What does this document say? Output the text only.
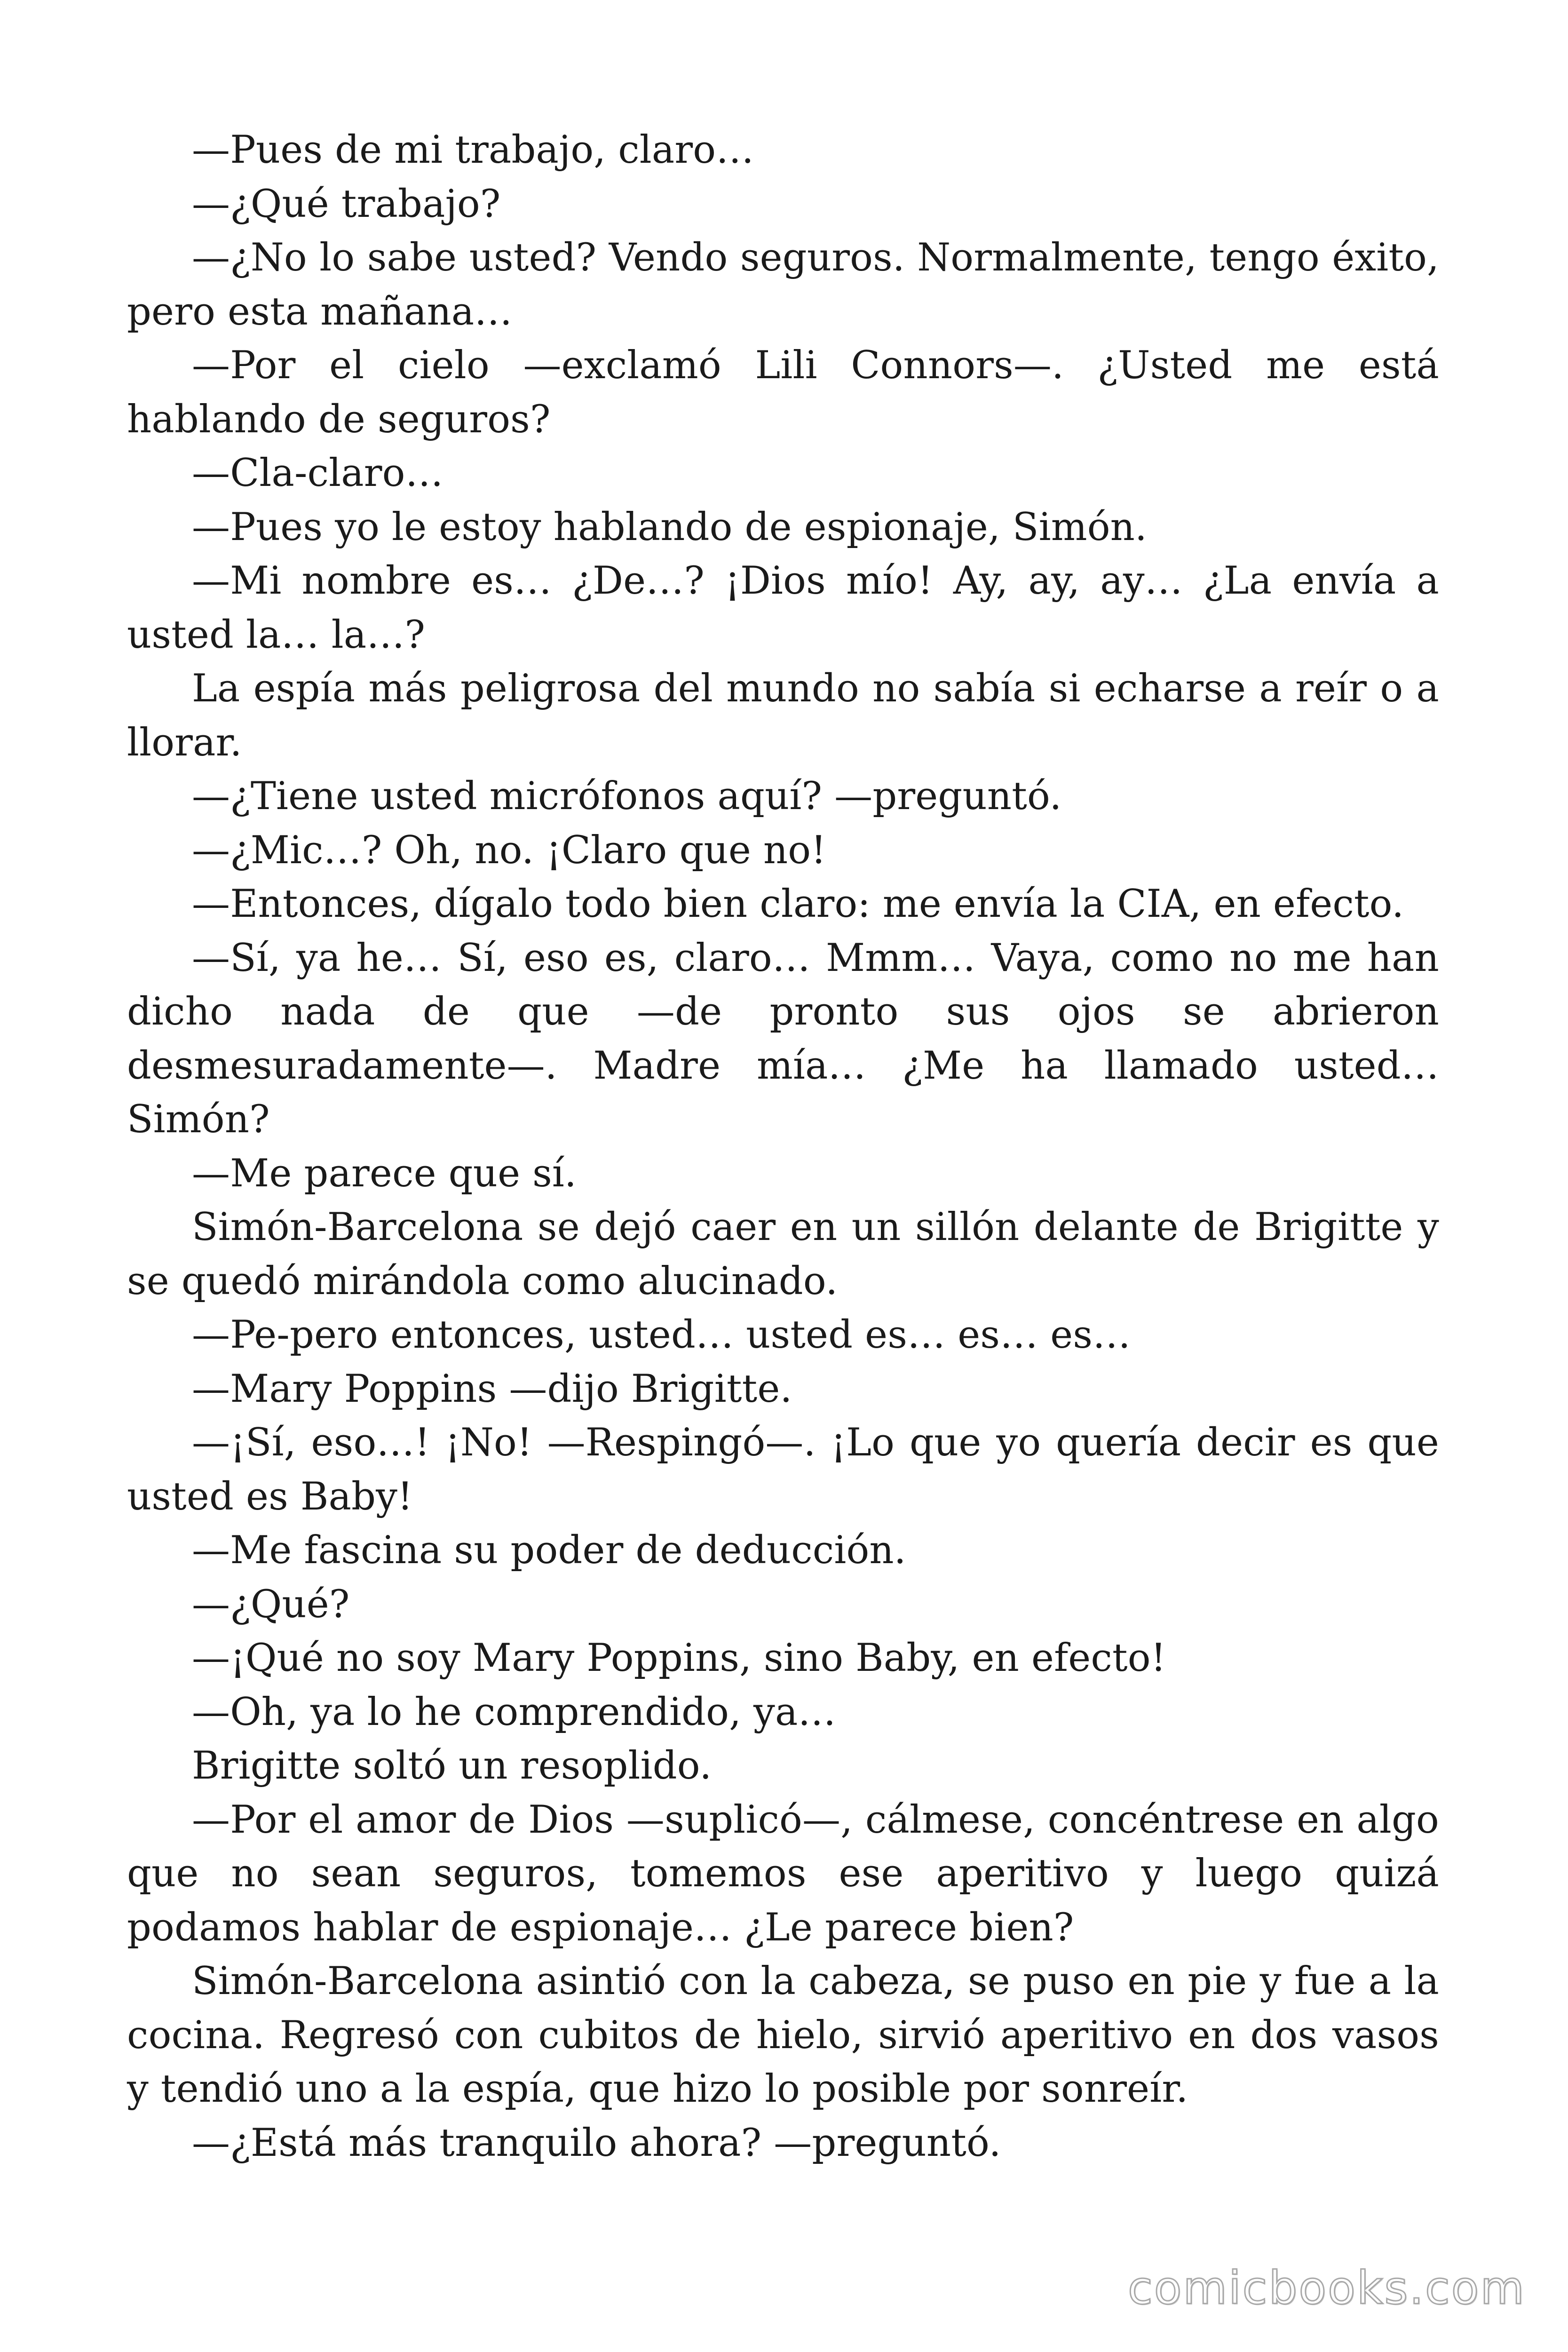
—Pues de mi trabajo, claro…

—¿Qué trabajo?

—¿No lo sabe usted? Vendo seguros. Normalmente, tengo éxito, pero esta mañana…

—Por el cielo —exclamó Lili Connors—. ¿Usted me está hablando de seguros?

—Cla-claro…

—Pues yo le estoy hablando de espionaje, Simón.

—Mi nombre es… ¿De…? ¡Dios mío! Ay, ay, ay… ¿La envía a usted la… la…?

La espía más peligrosa del mundo no sabía si echarse a reír o a llorar.

—¿Tiene usted micrófonos aquí? —preguntó.

—¿Mic…? Oh, no. ¡Claro que no!

—Entonces, dígalo todo bien claro: me envía la CIA, en efecto.

—Sí, ya he… Sí, eso es, claro… Mmm… Vaya, como no me han dicho nada de que —de pronto sus ojos se abrieron desmesuradamente—. Madre mía… ¿Me ha llamado usted… Simón?

—Me parece que sí.

Simón-Barcelona se dejó caer en un sillón delante de Brigitte y se quedó mirándola como alucinado.

—Pe-pero entonces, usted… usted es… es… es…

—Mary Poppins —dijo Brigitte.

—¡Sí, eso…! ¡No! —Respingó—. ¡Lo que yo quería decir es que usted es Baby!

—Me fascina su poder de deducción.

—¿Qué?

—¡Qué no soy Mary Poppins, sino Baby, en efecto!

—Oh, ya lo he comprendido, ya…

Brigitte soltó un resoplido.

—Por el amor de Dios —suplicó—, cálmese, concéntrese en algo que no sean seguros, tomemos ese aperitivo y luego quizá podamos hablar de espionaje… ¿Le parece bien?

Simón-Barcelona asintió con la cabeza, se puso en pie y fue a la cocina. Regresó con cubitos de hielo, sirvió aperitivo en dos vasos y tendió uno a la espía, que hizo lo posible por sonreír.

—¿Está más tranquilo ahora? —preguntó.

comicbooks.com
